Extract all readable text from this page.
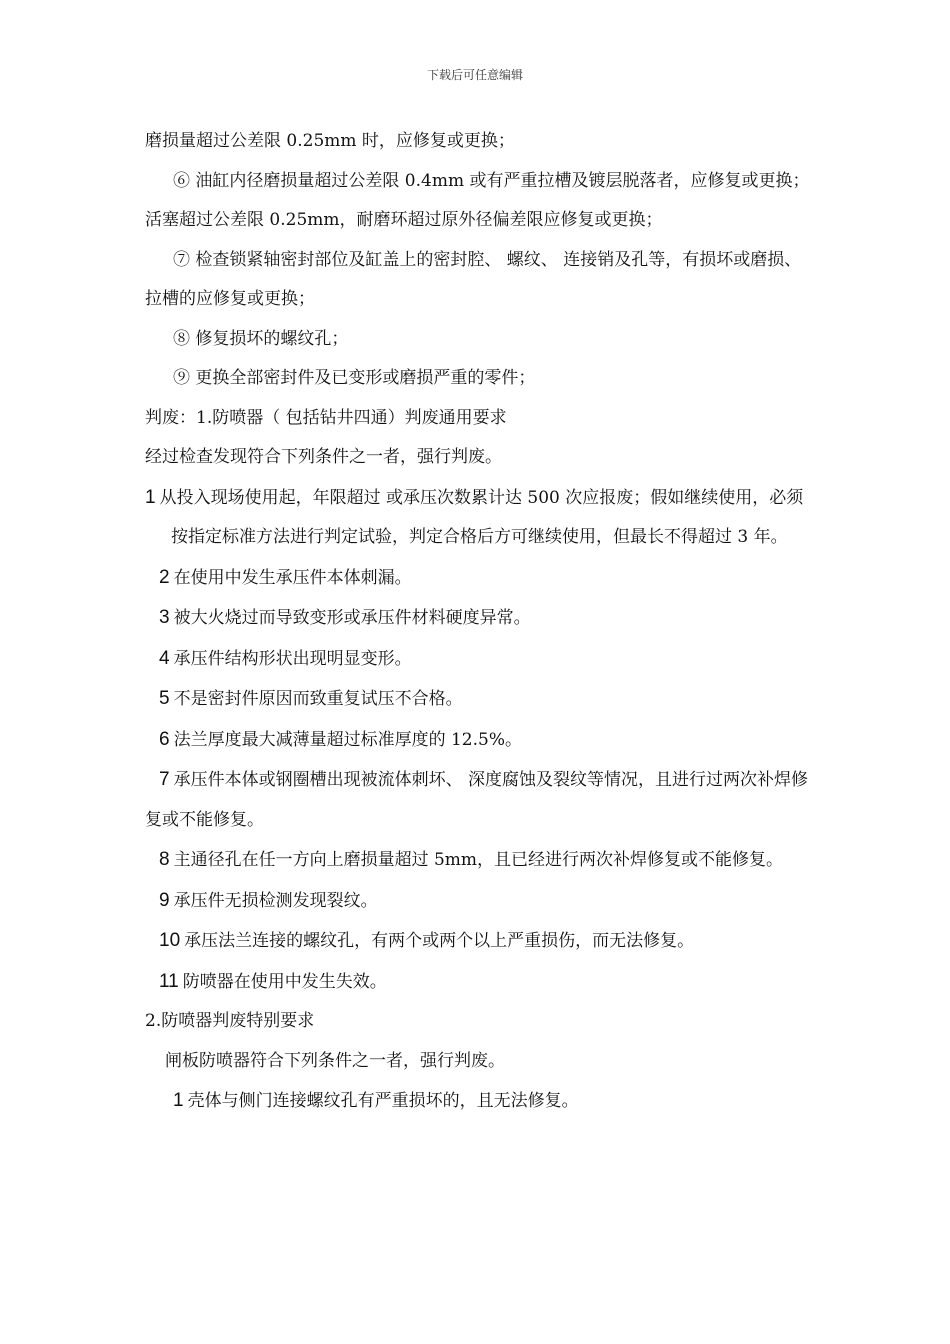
下载后可任意编辑

磨损量超过公差限 0.25mm 时，应修复或更换；

⑥ 油缸内径磨损量超过公差限 0.4mm 或有严重拉槽及镀层脱落者，应修复或更换；活塞超过公差限 0.25mm，耐磨环超过原外径偏差限应修复或更换；

⑦ 检查锁紧轴密封部位及缸盖上的密封腔、 螺纹、 连接销及孔等，有损坏或磨损、 拉槽的应修复或更换；

⑧ 修复损坏的螺纹孔；

⑨ 更换全部密封件及已变形或磨损严重的零件；

判废：1.防喷器（ 包括钻井四通）判废通用要求

经过检查发现符合下列条件之一者，强行判废。

1 从投入现场使用起，年限超过 或承压次数累计达 500 次应报废；假如继续使用，必须按指定标准方法进行判定试验，判定合格后方可继续使用，但最长不得超过 3 年。

2 在使用中发生承压件本体刺漏。

3 被大火烧过而导致变形或承压件材料硬度异常。

4 承压件结构形状出现明显变形。

5 不是密封件原因而致重复试压不合格。

6 法兰厚度最大减薄量超过标准厚度的 12.5%。

7 承压件本体或钢圈槽出现被流体刺坏、 深度腐蚀及裂纹等情况，且进行过两次补焊修复或不能修复。

8 主通径孔在任一方向上磨损量超过 5mm，且已经进行两次补焊修复或不能修复。

9 承压件无损检测发现裂纹。

10 承压法兰连接的螺纹孔，有两个或两个以上严重损伤，而无法修复。

11 防喷器在使用中发生失效。

2.防喷器判废特别要求

闸板防喷器符合下列条件之一者，强行判废。

1 壳体与侧门连接螺纹孔有严重损坏的，且无法修复。
